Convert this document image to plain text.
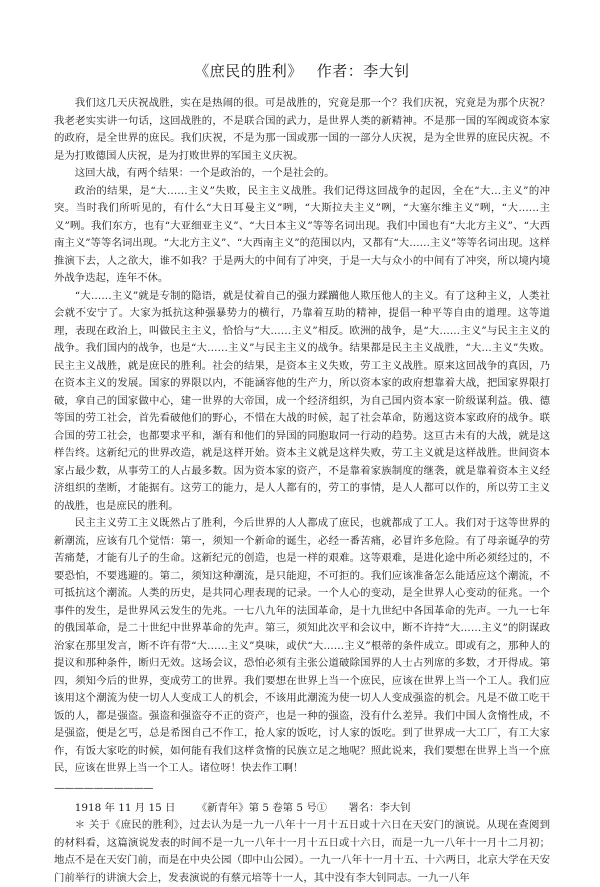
《庶民的胜利》 作者：李大钊

我们这几天庆祝战胜，实在是热闹的很。可是战胜的，究竟是那一个？我们庆祝，究竟是为那个庆祝？我老老实实讲一句话，这回战胜的，不是联合国的武力，是世界人类的新精神。不是那一国的军阀或资本家的政府，是全世界的庶民。我们庆祝，不是为那一国或那一国的一部分人庆祝，是为全世界的庶民庆祝。不是为打败德国人庆祝，是为打败世界的军国主义庆祝。

这回大战，有两个结果：一个是政治的，一个是社会的。

政治的结果，是“大……主义”失败，民主主义战胜。我们记得这回战争的起因，全在“大…主义”的冲突。当时我们所听见的，有什么“大日耳曼主义”咧，“大斯拉夫主义”咧，“大塞尔维主义”咧，“大……主义”咧。我们东方，也有“大亚细亚主义”、“大日本主义”等等名词出现。我们中国也有“大北方主义”、“大西南主义”等等名词出现。“大北方主义”、“大西南主义”的范围以内，又都有“大……主义”等等名词出现。这样推演下去，人之欲大，谁不如我？于是两大的中间有了冲突，于是一大与众小的中间有了冲突，所以境内境外战争迭起，连年不休。

“大……主义”就是专制的隐语，就是仗着自己的强力蹂躏他人欺压他人的主义。有了这种主义，人类社会就不安宁了。大家为抵抗这种强暴势力的横行，乃靠着互助的精神，提倡一种平等自由的道理。这等道理，表现在政治上，叫做民主主义，恰恰与“大……主义”相反。欧洲的战争，是“大……主义”与民主主义的战争。我们国内的战争，也是“大……主义”与民主主义的战争。结果都是民主主义战胜，“大…主义”失败。民主主义战胜，就是庶民的胜利。社会的结果，是资本主义失败，劳工主义战胜。原来这回战争的真因，乃在资本主义的发展。国家的界限以内，不能涵容他的生产力，所以资本家的政府想靠着大战，把国家界限打破，拿自己的国家做中心，建一世界的大帝国，成一个经济组织，为自己国内资本家一阶级谋利益。俄、德等国的劳工社会，首先看破他们的野心，不惜在大战的时候，起了社会革命，防遏这资本家政府的战争。联合国的劳工社会，也都要求平和，渐有和他们的异国的同胞取同一行动的趋势。这亘古未有的大战，就是这样告终。这新纪元的世界改造，就是这样开始。资本主义就是这样失败，劳工主义就是这样战胜。世间资本家占最少数，从事劳工的人占最多数。因为资本家的资产，不是靠着家族制度的继袭，就是靠着资本主义经济组织的垄断，才能据有。这劳工的能力，是人人都有的，劳工的事情，是人人都可以作的，所以劳工主义的战胜，也是庶民的胜利。

民主主义劳工主义既然占了胜利，今后世界的人人都成了庶民，也就都成了工人。我们对于这等世界的新潮流，应该有几个觉悟：第一，须知一个新命的诞生，必经一番苦痛，必冒许多危险。有了母亲诞孕的劳苦痛楚，才能有儿子的生命。这新纪元的创造，也是一样的艰难。这等艰难，是进化途中所必须经过的，不要恐怕，不要逃避的。第二，须知这种潮流，是只能迎，不可拒的。我们应该准备怎么能适应这个潮流，不可抵抗这个潮流。人类的历史，是共同心理表现的记录。一个人心的变动，是全世界人心变动的征兆。一个事件的发生，是世界风云发生的先兆。一七八九年的法国革命，是十九世纪中各国革命的先声。一九一七年的俄国革命，是二十世纪中世界革命的先声。第三，须知此次平和会议中，断不许持“大……主义”的阴谋政治家在那里发言，断不许有带“大……主义”臭味，或伏“大……主义”根蒂的条件成立。即或有之，那种人的提议和那种条件，断归无效。这场会议，恐怕必须有主张公道破除国界的人士占列席的多数，才开得成。第四，须知今后的世界，变成劳工的世界。我们要想在世界上当一个庶民，应该在世界上当一个工人。我们应该用这个潮流为使一切人人变成工人的机会，不该用此潮流为使一切人人变成强盗的机会。凡是不做工吃干饭的人，都是强盗。强盗和强盗夺不正的资产，也是一种的强盗，没有什么差异。我们中国人贪惰性成，不是强盗，便是乞丐，总是希图自己不作工，抢人家的饭吃，讨人家的饭吃。到了世界成一大工厂，有工大家作，有饭大家吃的时候，如何能有我们这样贪惰的民族立足之地呢？照此说来，我们要想在世界上当一个庶民，应该在世界上当一个工人。诸位呀！快去作工啊！

——————————
1918 年 11 月 15 日 《新青年》第 5 卷第 5 号① 署名：李大钊

＊ 关于《庶民的胜利》，过去认为是一九一八年十一月十五日或十六日在天安门的演说。从现在查阅到的材料看，这篇演说发表的时间不是一九一八年十一月十五日或十六日，而是一九一八年十一月十二月初；地点不是在天安门前，而是在中央公园（即中山公园）。一九一八年十一月十五、十六两日，北京大学在天安门前举行的讲演大会上，发表演说的有蔡元培等十一人，其中没有李大钊同志。一九一八年
